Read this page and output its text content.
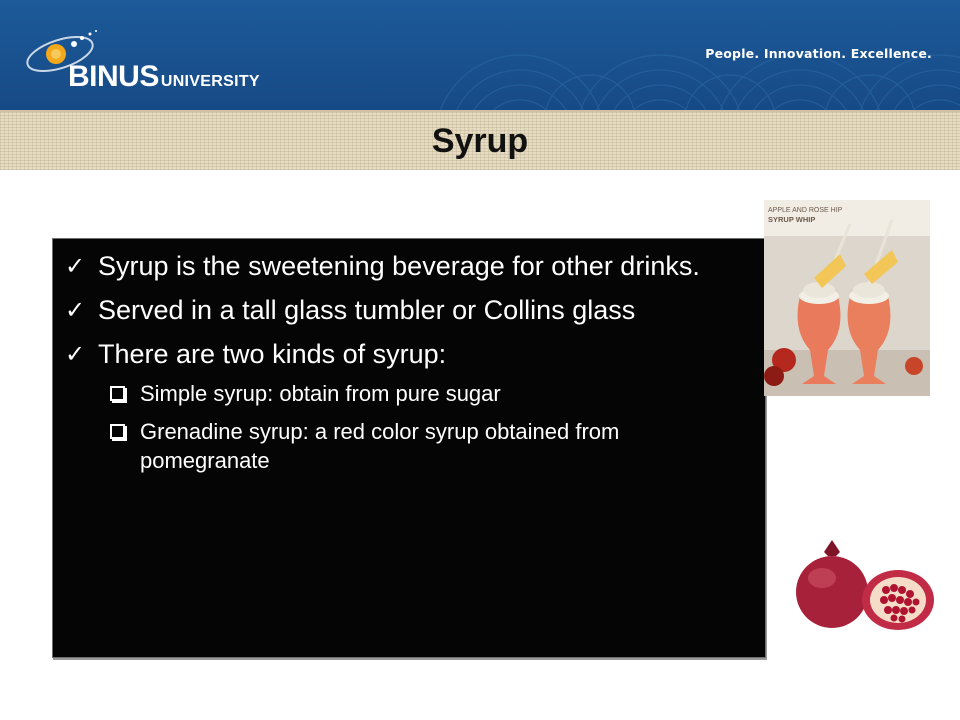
BINUS UNIVERSITY
People. Innovation. Excellence.
Syrup
✓ Syrup is the sweetening beverage for other drinks.
✓ Served in a tall glass tumbler or Collins glass
✓ There are two kinds of syrup:
Simple syrup: obtain from pure sugar
Grenadine syrup: a red color syrup obtained from pomegranate
APPLE AND ROSE HIP
SYRUP WHIP
